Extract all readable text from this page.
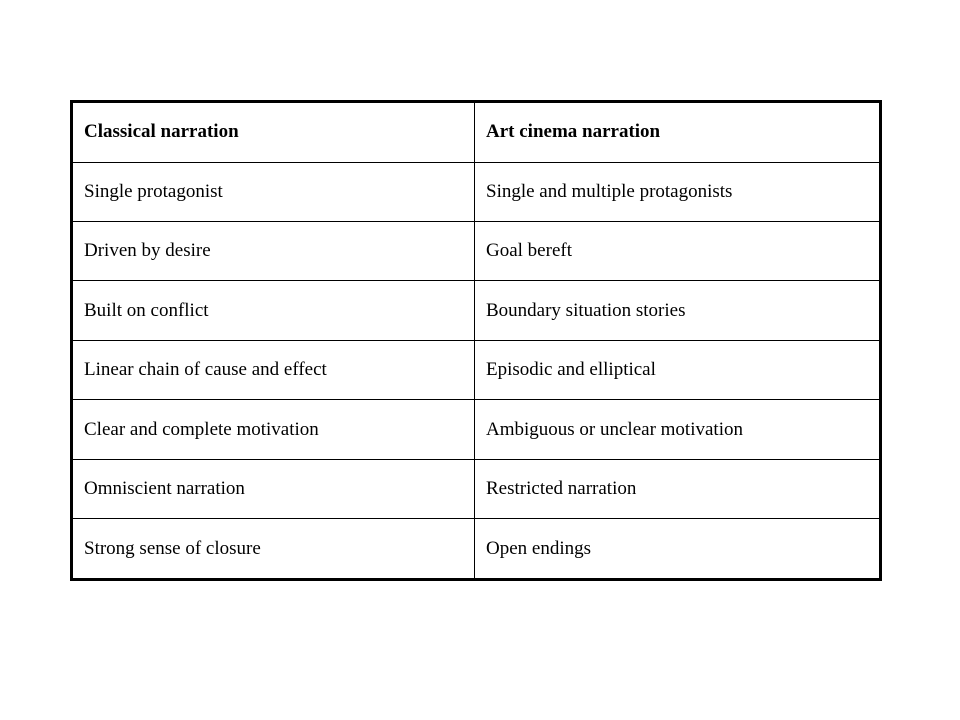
Classical narration	Art cinema narration
Single protagonist	Single and multiple protagonists
Driven by desire	Goal bereft
Built on conflict	Boundary situation stories
Linear chain of cause and effect	Episodic and elliptical
Clear and complete motivation	Ambiguous or unclear motivation
Omniscient narration	Restricted narration
Strong sense of closure	Open endings
